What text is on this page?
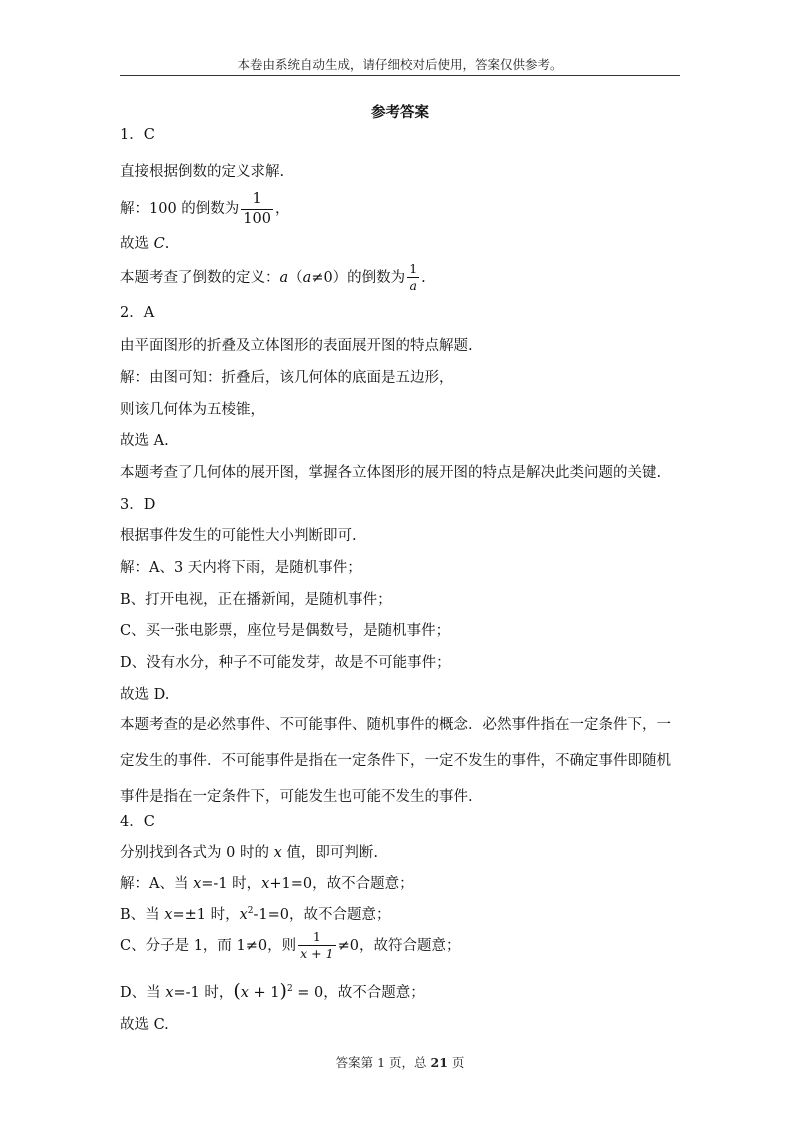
本卷由系统自动生成，请仔细校对后使用，答案仅供参考。
参考答案
1．C
直接根据倒数的定义求解.
解：100 的倒数为 $\frac{1}{100}$ ，
故选 C.
本题考查了倒数的定义：a（a≠0）的倒数为 $\frac{1}{a}$ .
2．A
由平面图形的折叠及立体图形的表面展开图的特点解题.
解：由图可知：折叠后，该几何体的底面是五边形，
则该几何体为五棱锥，
故选 A.
本题考查了几何体的展开图，掌握各立体图形的展开图的特点是解决此类问题的关键.
3．D
根据事件发生的可能性大小判断即可.
解：A、3 天内将下雨，是随机事件；
B、打开电视，正在播新闻，是随机事件；
C、买一张电影票，座位号是偶数号，是随机事件；
D、没有水分，种子不可能发芽，故是不可能事件；
故选 D.
本题考查的是必然事件、不可能事件、随机事件的概念．必然事件指在一定条件下，一定发生的事件．不可能事件是指在一定条件下，一定不发生的事件，不确定事件即随机事件是指在一定条件下，可能发生也可能不发生的事件.
4．C
分别找到各式为 0 时的 x 值，即可判断.
解：A、当 x=-1 时，x+1=0，故不合题意；
B、当 x=±1 时，$x^2-1=0$，故不合题意；
C、分子是 1，而 1≠0，则 $\frac{1}{x + 1} \ne 0$，故符合题意；
D、当 x=-1 时，$(x + 1)^2 = 0$，故不合题意；
故选 C.
答案第 1 页，总 21 页
